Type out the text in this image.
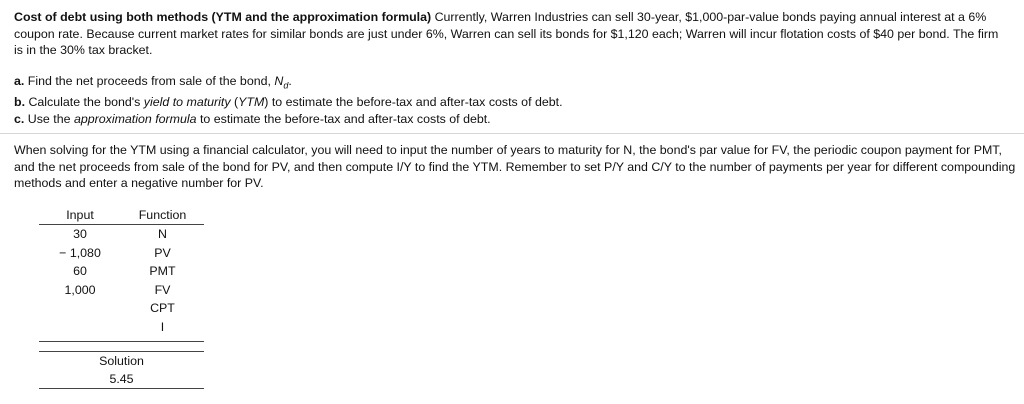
Cost of debt using both methods (YTM and the approximation formula) Currently, Warren Industries can sell 30-year, $1,000-par-value bonds paying annual interest at a 6% coupon rate. Because current market rates for similar bonds are just under 6%, Warren can sell its bonds for $1,120 each; Warren will incur flotation costs of $40 per bond. The firm is in the 30% tax bracket.
a. Find the net proceeds from sale of the bond, $N_d$.
b. Calculate the bond's yield to maturity (YTM) to estimate the before-tax and after-tax costs of debt.
c. Use the approximation formula to estimate the before-tax and after-tax costs of debt.
When solving for the YTM using a financial calculator, you will need to input the number of years to maturity for N, the bond's par value for FV, the periodic coupon payment for PMT, and the net proceeds from sale of the bond for PV, and then compute I/Y to find the YTM. Remember to set P/Y and C/Y to the number of payments per year for different compounding methods and enter a negative number for PV.
Input	Function
30	N
− 1,080	PV
60	PMT
1,000	FV
	CPT
	I
Solution
5.45
